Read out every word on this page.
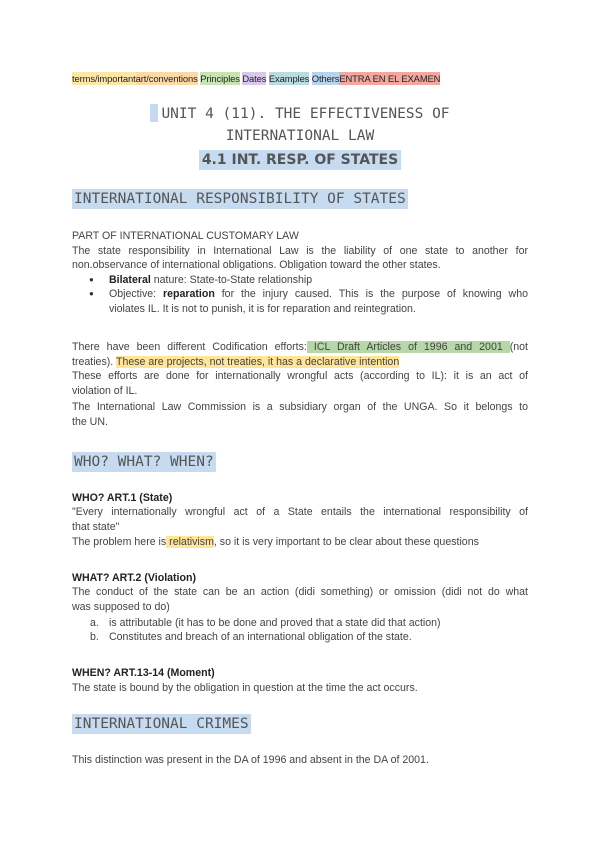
terms/importantart/conventions Principles Dates Examples OthersENTRA EN EL EXAMEN
UNIT 4 (11). THE EFFECTIVENESS OF
INTERNATIONAL LAW
4.1 INT. RESP. OF STATES
INTERNATIONAL RESPONSIBILITY OF STATES
PART OF INTERNATIONAL CUSTOMARY LAW
The state responsibility in International Law is the liability of one state to another for
non.observance of international obligations. Obligation toward the other states.
● Bilateral nature: State-to-State relationship
● Objective: reparation for the injury caused. This is the purpose of knowing who
violates IL. It is not to punish, it is for reparation and reintegration.
There have been different Codification efforts: ICL Draft Articles of 1996 and 2001 (not
treaties). These are projects, not treaties, it has a declarative intention
These efforts are done for internationally wrongful acts (according to IL): it is an act of
violation of IL.
The International Law Commission is a subsidiary organ of the UNGA. So it belongs to
the UN.
WHO? WHAT? WHEN?
WHO? ART.1 (State)
"Every internationally wrongful act of a State entails the international responsibility of
that state"
The problem here is relativism, so it is very important to be clear about these questions
WHAT? ART.2 (Violation)
The conduct of the state can be an action (didi something) or omission (didi not do what
was supposed to do)
a. is attributable (it has to be done and proved that a state did that action)
b. Constitutes and breach of an international obligation of the state.
WHEN? ART.13-14 (Moment)
The state is bound by the obligation in question at the time the act occurs.
INTERNATIONAL CRIMES
This distinction was present in the DA of 1996 and absent in the DA of 2001.
